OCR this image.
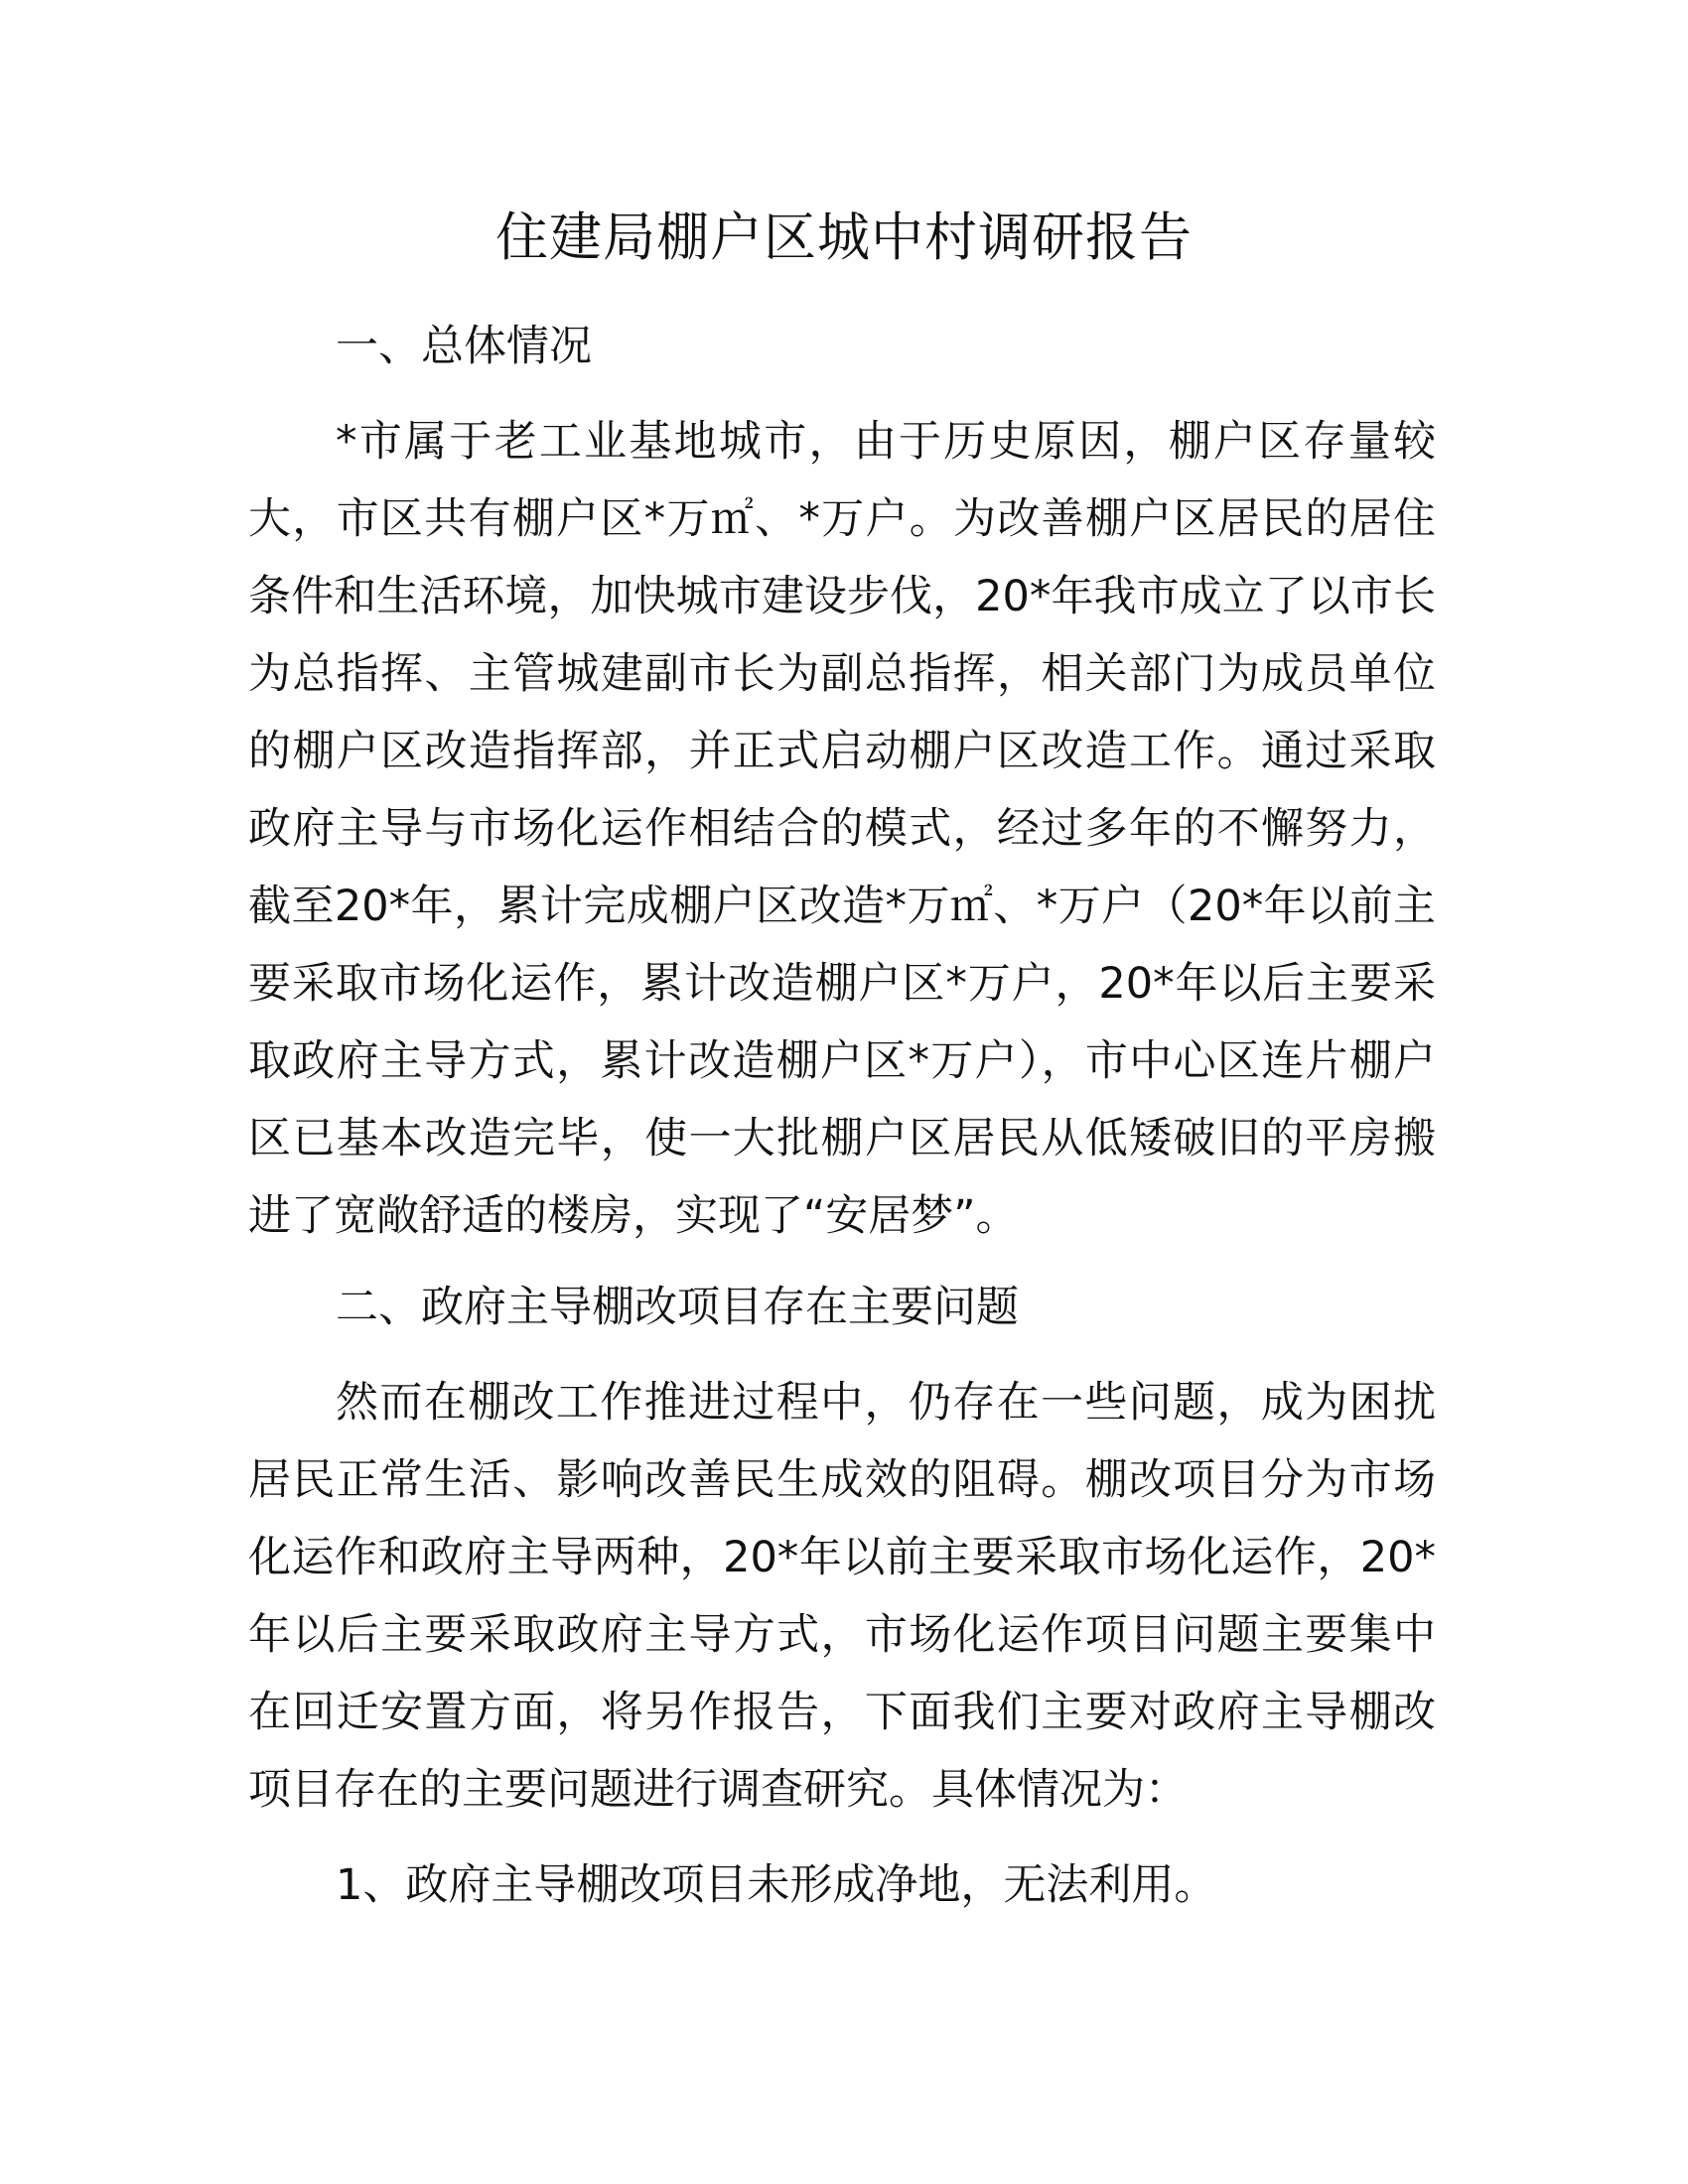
住建局棚户区城中村调研报告

一、总体情况

*市属于老工业基地城市，由于历史原因，棚户区存量较大，市区共有棚户区*万㎡、*万户。为改善棚户区居民的居住条件和生活环境，加快城市建设步伐，20*年我市成立了以市长为总指挥、主管城建副市长为副总指挥，相关部门为成员单位的棚户区改造指挥部，并正式启动棚户区改造工作。通过采取政府主导与市场化运作相结合的模式，经过多年的不懈努力，截至20*年，累计完成棚户区改造*万㎡、*万户（20*年以前主要采取市场化运作，累计改造棚户区*万户，20*年以后主要采取政府主导方式，累计改造棚户区*万户），市中心区连片棚户区已基本改造完毕，使一大批棚户区居民从低矮破旧的平房搬进了宽敞舒适的楼房，实现了“安居梦”。

二、政府主导棚改项目存在主要问题

然而在棚改工作推进过程中，仍存在一些问题，成为困扰居民正常生活、影响改善民生成效的阻碍。棚改项目分为市场化运作和政府主导两种，20*年以前主要采取市场化运作，20*年以后主要采取政府主导方式，市场化运作项目问题主要集中在回迁安置方面，将另作报告，下面我们主要对政府主导棚改项目存在的主要问题进行调查研究。具体情况为：

1、政府主导棚改项目未形成净地，无法利用。
